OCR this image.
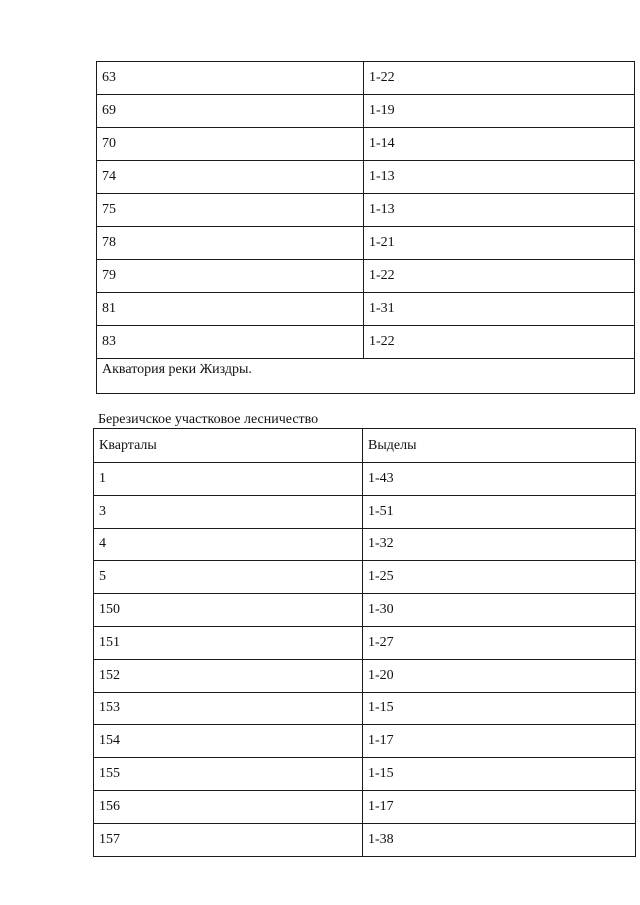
63	1-22
69	1-19
70	1-14
74	1-13
75	1-13
78	1-21
79	1-22
81	1-31
83	1-22
Акватория реки Жиздры.	
Березичское участковое лесничество
Кварталы	Выделы
1	1-43
3	1-51
4	1-32
5	1-25
150	1-30
151	1-27
152	1-20
153	1-15
154	1-17
155	1-15
156	1-17
157	1-38
